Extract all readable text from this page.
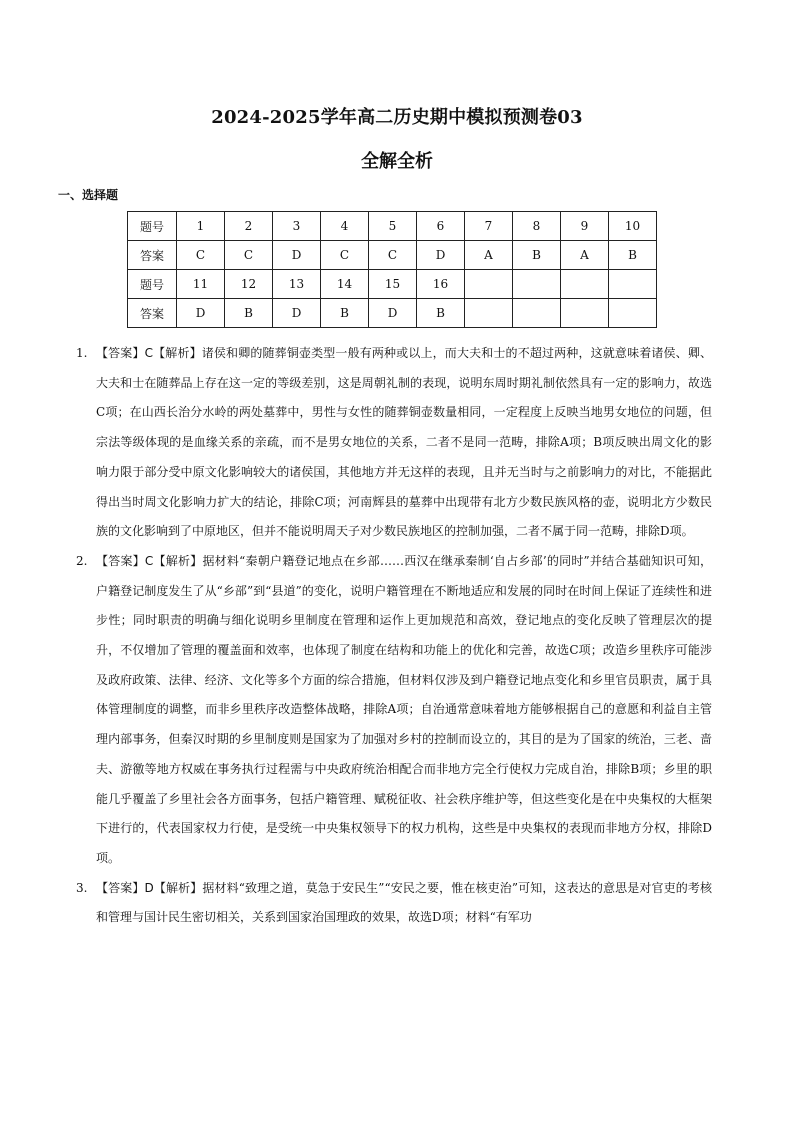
2024-2025学年高二历史期中模拟预测卷03
全解全析
一、选择题
题号	1	2	3	4	5	6	7	8	9	10
答案	C	C	D	C	C	D	A	B	A	B
题号	11	12	13	14	15	16				
答案	D	B	D	B	D	B				
1. 【答案】C【解析】诸侯和卿的随葬铜壶类型一般有两种或以上，而大夫和士的不超过两种，这就意味着诸侯、卿、大夫和士在随葬品上存在这一定的等级差别，这是周朝礼制的表现，说明东周时期礼制依然具有一定的影响力，故选C项；在山西长治分水岭的两处墓葬中，男性与女性的随葬铜壶数量相同，一定程度上反映当地男女地位的问题，但宗法等级体现的是血缘关系的亲疏，而不是男女地位的关系，二者不是同一范畴，排除A项；B项反映出周文化的影响力限于部分受中原文化影响较大的诸侯国，其他地方并无这样的表现，且并无当时与之前影响力的对比，不能据此得出当时周文化影响力扩大的结论，排除C项；河南辉县的墓葬中出现带有北方少数民族风格的壶，说明北方少数民族的文化影响到了中原地区，但并不能说明周天子对少数民族地区的控制加强，二者不属于同一范畴，排除D项。
2. 【答案】C【解析】据材料“秦朝户籍登记地点在乡部……西汉在继承秦制‘自占乡部’的同时”并结合基础知识可知，户籍登记制度发生了从“乡部”到“县道”的变化，说明户籍管理在不断地适应和发展的同时在时间上保证了连续性和进步性；同时职责的明确与细化说明乡里制度在管理和运作上更加规范和高效，登记地点的变化反映了管理层次的提升，不仅增加了管理的覆盖面和效率，也体现了制度在结构和功能上的优化和完善，故选C项；改造乡里秩序可能涉及政府政策、法律、经济、文化等多个方面的综合措施，但材料仅涉及到户籍登记地点变化和乡里官员职责，属于具体管理制度的调整，而非乡里秩序改造整体战略，排除A项；自治通常意味着地方能够根据自己的意愿和利益自主管理内部事务，但秦汉时期的乡里制度则是国家为了加强对乡村的控制而设立的，其目的是为了国家的统治，三老、啬夫、游徼等地方权威在事务执行过程需与中央政府统治相配合而非地方完全行使权力完成自治，排除B项；乡里的职能几乎覆盖了乡里社会各方面事务，包括户籍管理、赋税征收、社会秩序维护等，但这些变化是在中央集权的大框架下进行的，代表国家权力行使，是受统一中央集权领导下的权力机构，这些是中央集权的表现而非地方分权，排除D项。
3. 【答案】D【解析】据材料“致理之道，莫急于安民生”“安民之要，惟在核吏治”可知，这表达的意思是对官吏的考核和管理与国计民生密切相关，关系到国家治国理政的效果，故选D项；材料“有军功
